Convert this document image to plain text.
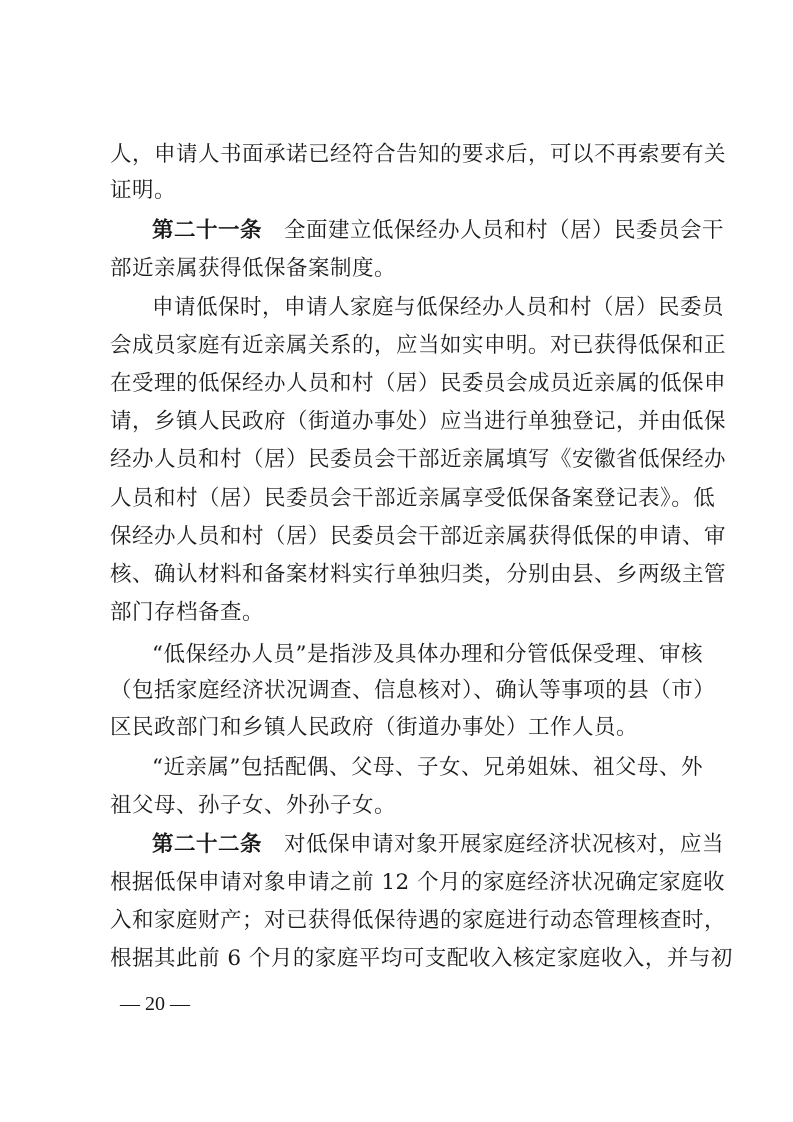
人，申请人书面承诺已经符合告知的要求后，可以不再索要有关
证明。
第二十一条 全面建立低保经办人员和村（居）民委员会干
部近亲属获得低保备案制度。
申请低保时，申请人家庭与低保经办人员和村（居）民委员
会成员家庭有近亲属关系的，应当如实申明。对已获得低保和正
在受理的低保经办人员和村（居）民委员会成员近亲属的低保申
请，乡镇人民政府（街道办事处）应当进行单独登记，并由低保
经办人员和村（居）民委员会干部近亲属填写《安徽省低保经办
人员和村（居）民委员会干部近亲属享受低保备案登记表》。低
保经办人员和村（居）民委员会干部近亲属获得低保的申请、审
核、确认材料和备案材料实行单独归类，分别由县、乡两级主管
部门存档备查。
“低保经办人员”是指涉及具体办理和分管低保受理、审核
（包括家庭经济状况调查、信息核对）、确认等事项的县（市）
区民政部门和乡镇人民政府（街道办事处）工作人员。
“近亲属”包括配偶、父母、子女、兄弟姐妹、祖父母、外
祖父母、孙子女、外孙子女。
第二十二条 对低保申请对象开展家庭经济状况核对，应当
根据低保申请对象申请之前 12 个月的家庭经济状况确定家庭收
入和家庭财产；对已获得低保待遇的家庭进行动态管理核查时，
根据其此前 6 个月的家庭平均可支配收入核定家庭收入，并与初
— 20 —
